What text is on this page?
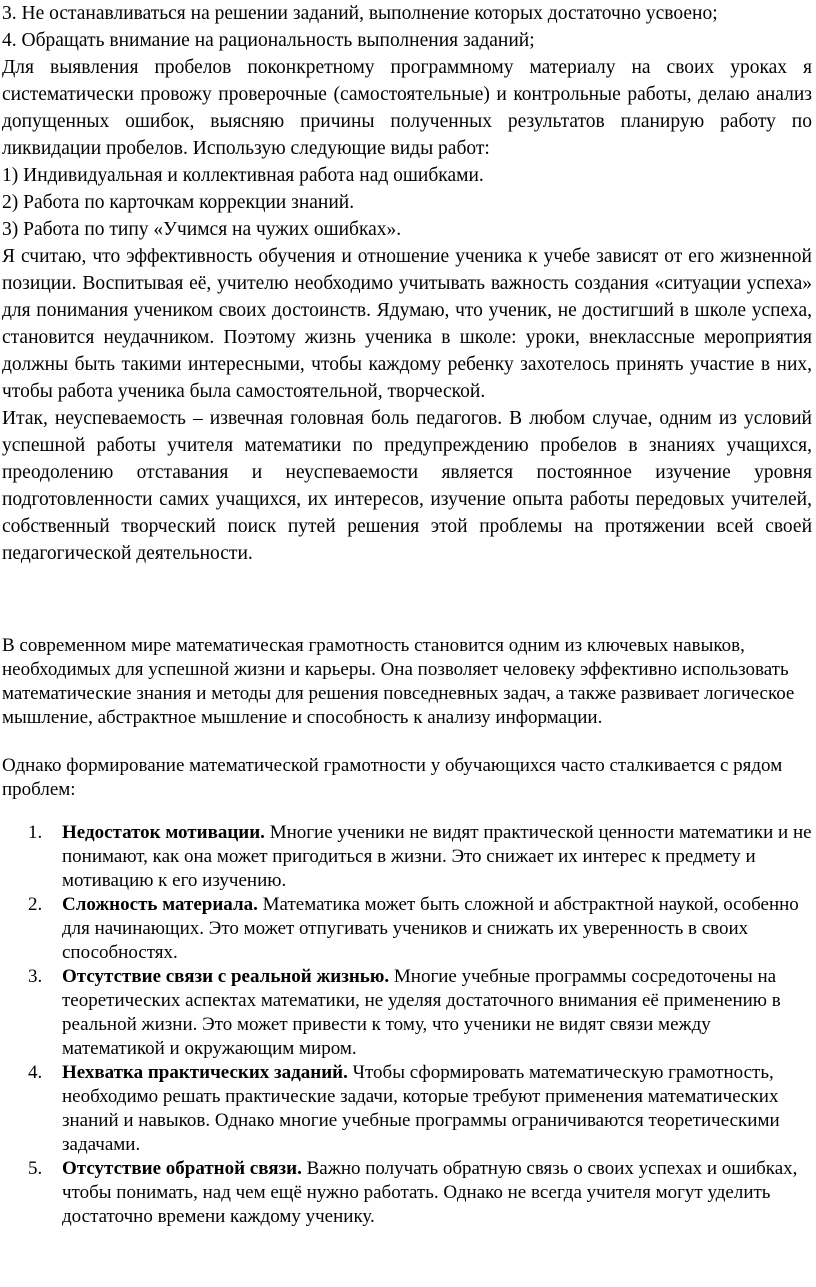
3. Не останавливаться на решении заданий, выполнение которых достаточно усвоено;

4. Обращать внимание на рациональность выполнения заданий;

Для выявления пробелов поконкретному программному материалу на своих уроках я систематически провожу проверочные (самостоятельные) и контрольные работы, делаю анализ допущенных ошибок, выясняю причины полученных результатов планирую работу по ликвидации пробелов. Использую следующие виды работ:

1) Индивидуальная и коллективная работа над ошибками.

2) Работа по карточкам коррекции знаний.

3) Работа по типу «Учимся на чужих ошибках».

Я считаю, что эффективность обучения и отношение ученика к учебе зависят от его жизненной позиции. Воспитывая её, учителю необходимо учитывать важность создания «ситуации успеха» для понимания учеником своих достоинств. Ядумаю, что ученик, не достигший в школе успеха, становится неудачником. Поэтому жизнь ученика в школе: уроки, внеклассные мероприятия должны быть такими интересными, чтобы каждому ребенку захотелось принять участие в них, чтобы работа ученика была самостоятельной, творческой.

Итак, неуспеваемость – извечная головная боль педагогов. В любом случае, одним из условий успешной работы учителя математики по предупреждению пробелов в знаниях учащихся, преодолению отставания и неуспеваемости является постоянное изучение уровня подготовленности самих учащихся, их интересов, изучение опыта работы передовых учителей, собственный творческий поиск путей решения этой проблемы на протяжении всей своей педагогической деятельности.

В современном мире математическая грамотность становится одним из ключевых навыков, необходимых для успешной жизни и карьеры. Она позволяет человеку эффективно использовать математические знания и методы для решения повседневных задач, а также развивает логическое мышление, абстрактное мышление и способность к анализу информации.

Однако формирование математической грамотности у обучающихся часто сталкивается с рядом проблем:

1. Недостаток мотивации. Многие ученики не видят практической ценности математики и не понимают, как она может пригодиться в жизни. Это снижает их интерес к предмету и мотивацию к его изучению.
2. Сложность материала. Математика может быть сложной и абстрактной наукой, особенно для начинающих. Это может отпугивать учеников и снижать их уверенность в своих способностях.
3. Отсутствие связи с реальной жизнью. Многие учебные программы сосредоточены на теоретических аспектах математики, не уделяя достаточного внимания её применению в реальной жизни. Это может привести к тому, что ученики не видят связи между математикой и окружающим миром.
4. Нехватка практических заданий. Чтобы сформировать математическую грамотность, необходимо решать практические задачи, которые требуют применения математических знаний и навыков. Однако многие учебные программы ограничиваются теоретическими задачами.
5. Отсутствие обратной связи. Важно получать обратную связь о своих успехах и ошибках, чтобы понимать, над чем ещё нужно работать. Однако не всегда учителя могут уделить достаточно времени каждому ученику.
